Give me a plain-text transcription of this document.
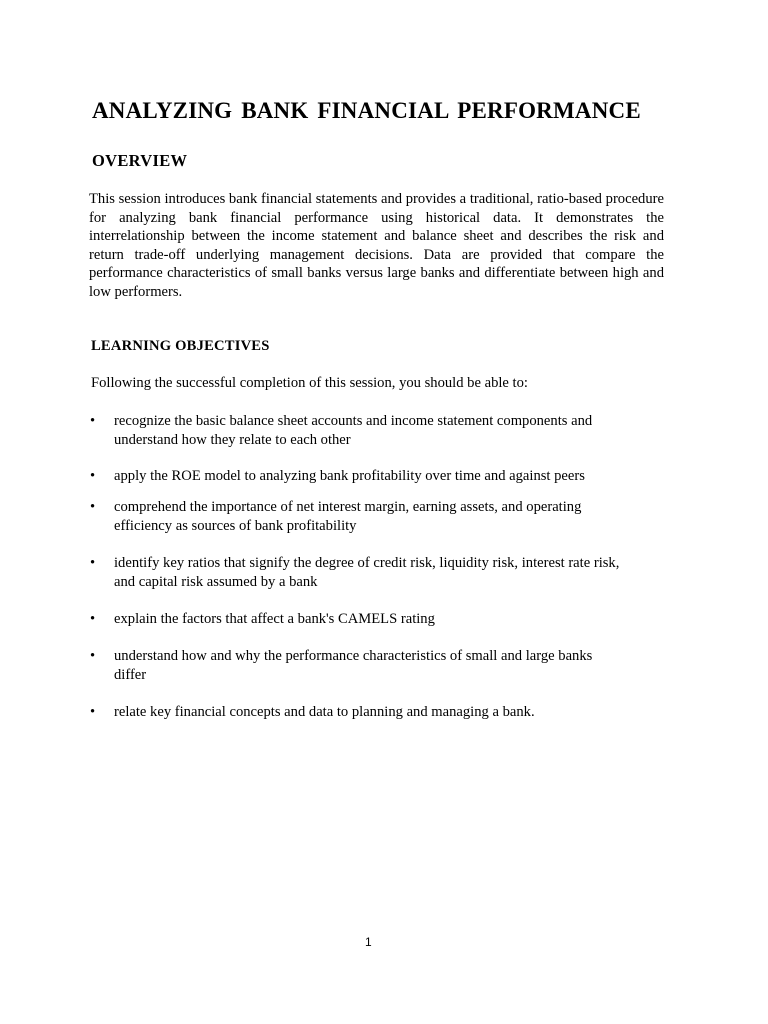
ANALYZING BANK FINANCIAL PERFORMANCE
OVERVIEW

This session introduces bank financial statements and provides a traditional, ratio-based procedure for analyzing bank financial performance using historical data. It demonstrates the interrelationship between the income statement and balance sheet and describes the risk and return trade-off underlying management decisions. Data are provided that compare the performance characteristics of small banks versus large banks and differentiate between high and low performers.

LEARNING OBJECTIVES
Following the successful completion of this session, you should be able to:
•	recognize the basic balance sheet accounts and income statement components and
understand how they relate to each other
•	apply the ROE model to analyzing bank profitability over time and against peers
•	comprehend the importance of net interest margin, earning assets, and operating
efficiency as sources of bank profitability
•	identify key ratios that signify the degree of credit risk, liquidity risk, interest rate risk,
and capital risk assumed by a bank
•	explain the factors that affect a bank's CAMELS rating
•	understand how and why the performance characteristics of small and large banks
differ
•	relate key financial concepts and data to planning and managing a bank.
1
